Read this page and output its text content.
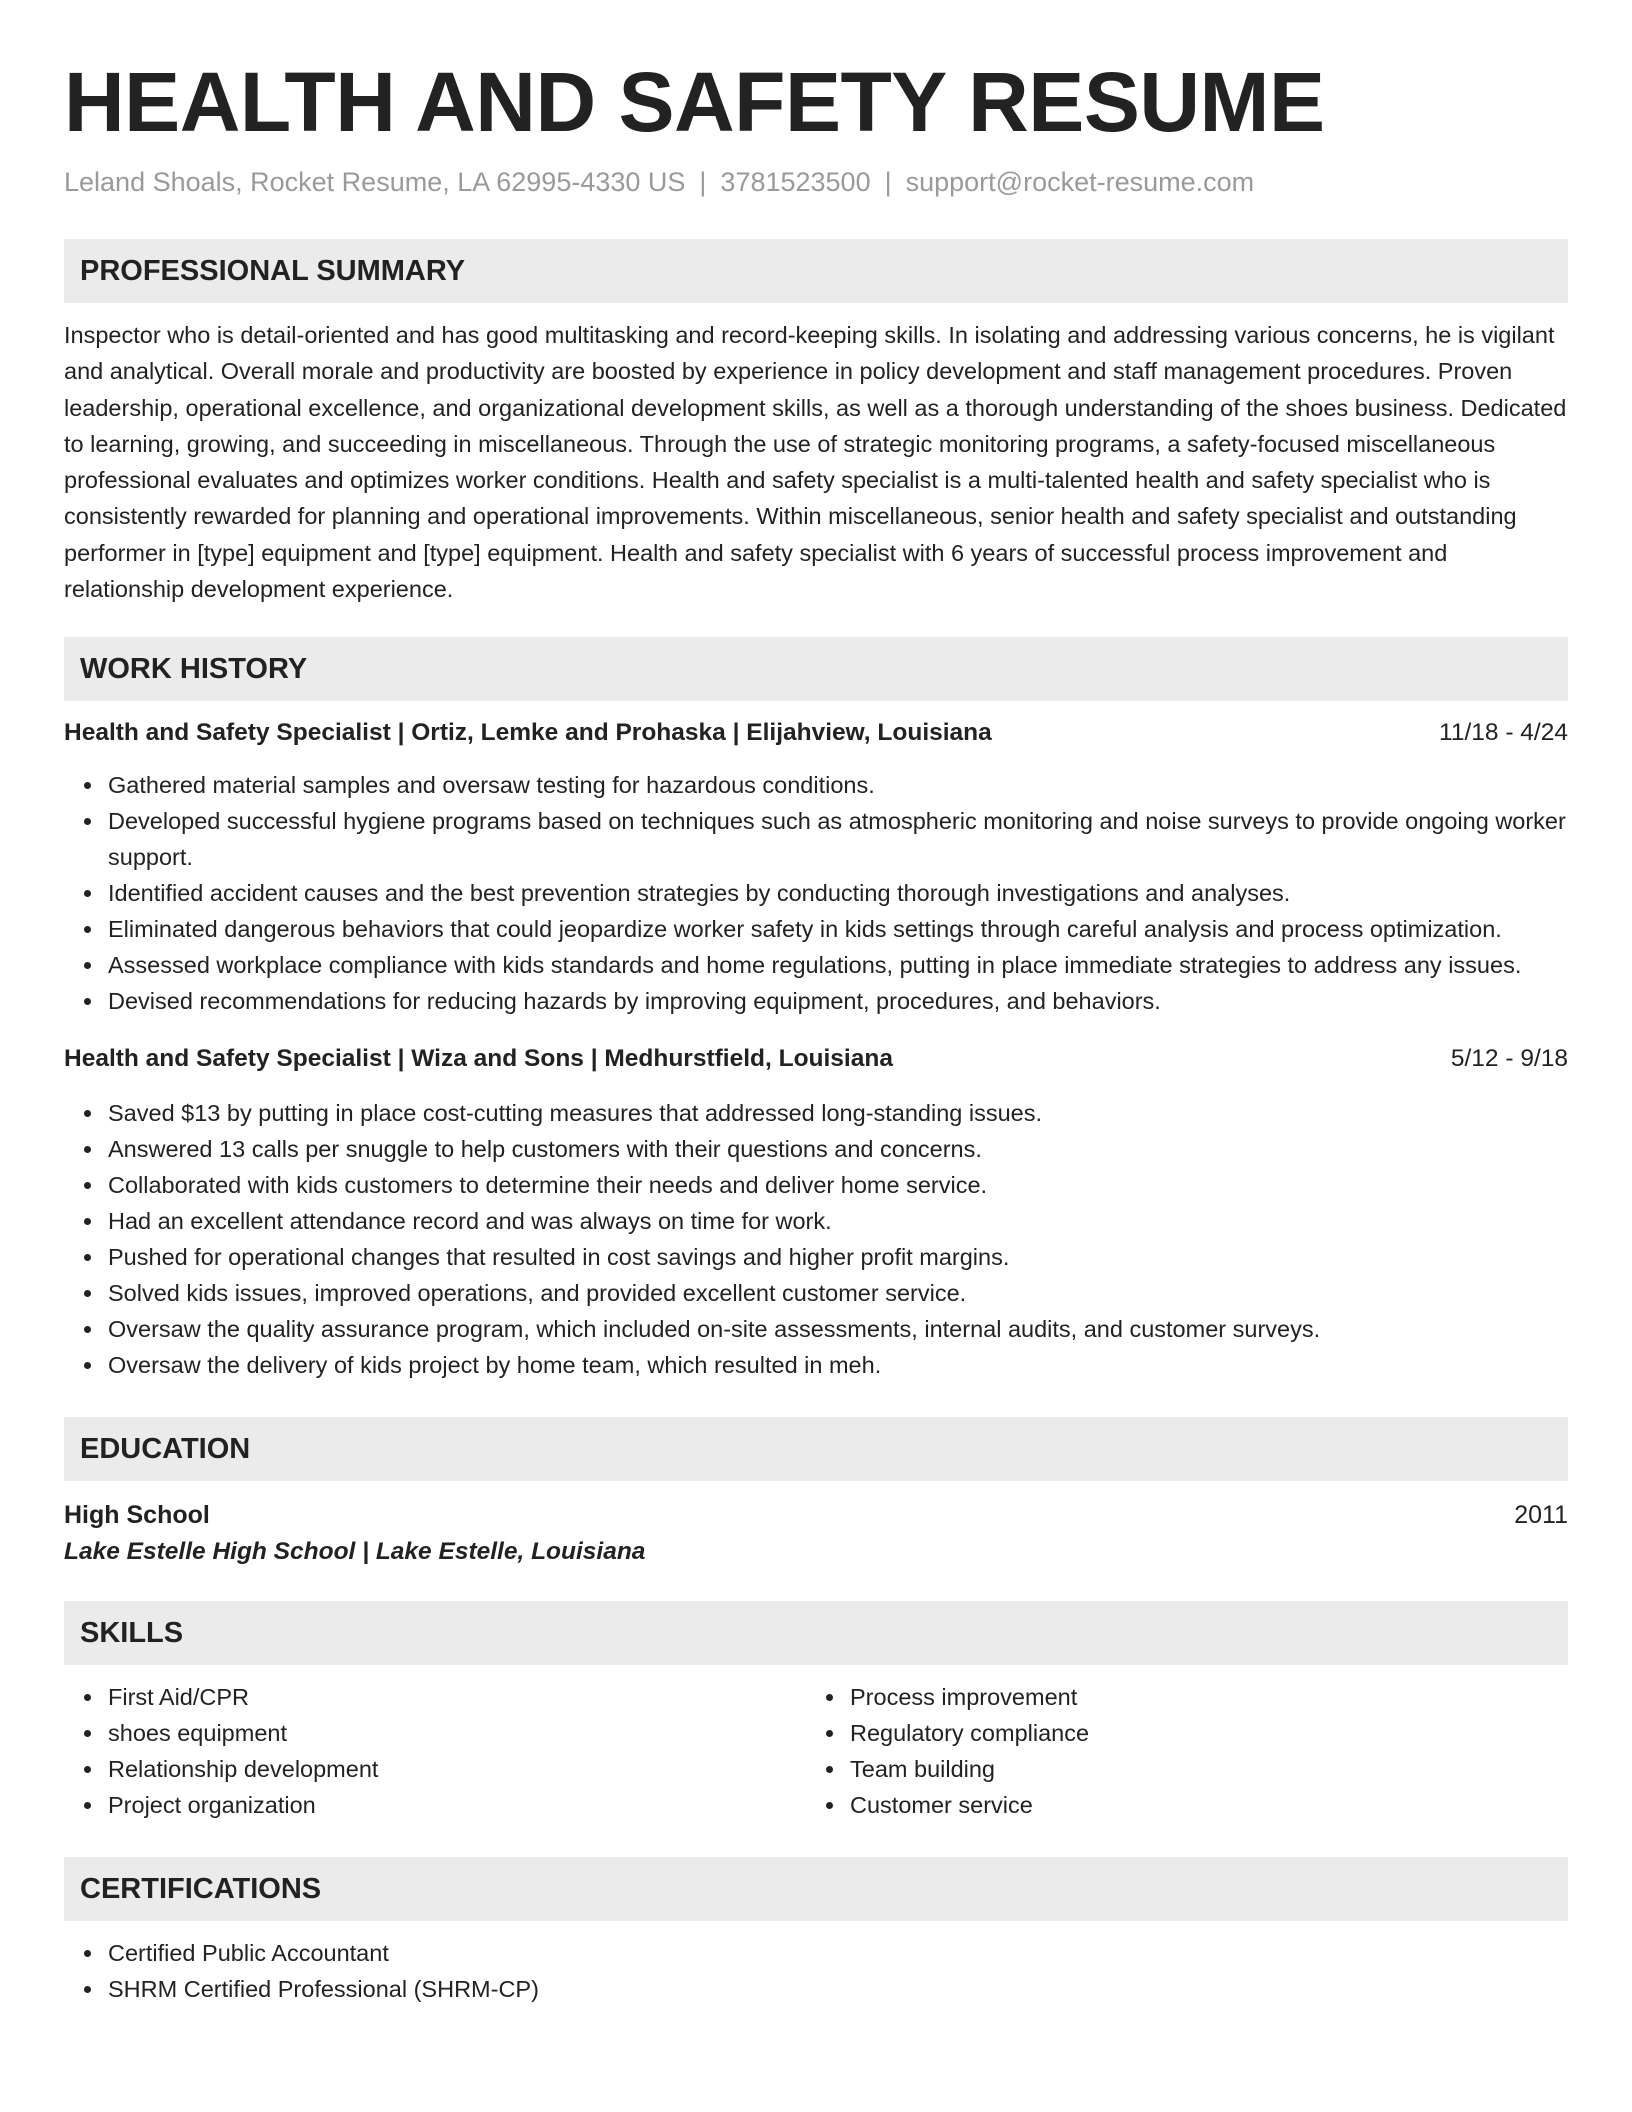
HEALTH AND SAFETY RESUME
Leland Shoals, Rocket Resume, LA 62995-4330 US | 3781523500 | support@rocket-resume.com
PROFESSIONAL SUMMARY
Inspector who is detail-oriented and has good multitasking and record-keeping skills. In isolating and addressing various concerns, he is vigilant and analytical. Overall morale and productivity are boosted by experience in policy development and staff management procedures. Proven leadership, operational excellence, and organizational development skills, as well as a thorough understanding of the shoes business. Dedicated to learning, growing, and succeeding in miscellaneous. Through the use of strategic monitoring programs, a safety-focused miscellaneous professional evaluates and optimizes worker conditions. Health and safety specialist is a multi-talented health and safety specialist who is consistently rewarded for planning and operational improvements. Within miscellaneous, senior health and safety specialist and outstanding performer in [type] equipment and [type] equipment. Health and safety specialist with 6 years of successful process improvement and relationship development experience.
WORK HISTORY
Health and Safety Specialist | Ortiz, Lemke and Prohaska | Elijahview, Louisiana	11/18 - 4/24
Gathered material samples and oversaw testing for hazardous conditions.
Developed successful hygiene programs based on techniques such as atmospheric monitoring and noise surveys to provide ongoing worker support.
Identified accident causes and the best prevention strategies by conducting thorough investigations and analyses.
Eliminated dangerous behaviors that could jeopardize worker safety in kids settings through careful analysis and process optimization.
Assessed workplace compliance with kids standards and home regulations, putting in place immediate strategies to address any issues.
Devised recommendations for reducing hazards by improving equipment, procedures, and behaviors.
Health and Safety Specialist | Wiza and Sons | Medhurstfield, Louisiana	5/12 - 9/18
Saved $13 by putting in place cost-cutting measures that addressed long-standing issues.
Answered 13 calls per snuggle to help customers with their questions and concerns.
Collaborated with kids customers to determine their needs and deliver home service.
Had an excellent attendance record and was always on time for work.
Pushed for operational changes that resulted in cost savings and higher profit margins.
Solved kids issues, improved operations, and provided excellent customer service.
Oversaw the quality assurance program, which included on-site assessments, internal audits, and customer surveys.
Oversaw the delivery of kids project by home team, which resulted in meh.
EDUCATION
High School	2011
Lake Estelle High School | Lake Estelle, Louisiana
SKILLS
First Aid/CPR
shoes equipment
Relationship development
Project organization
Process improvement
Regulatory compliance
Team building
Customer service
CERTIFICATIONS
Certified Public Accountant
SHRM Certified Professional (SHRM-CP)
